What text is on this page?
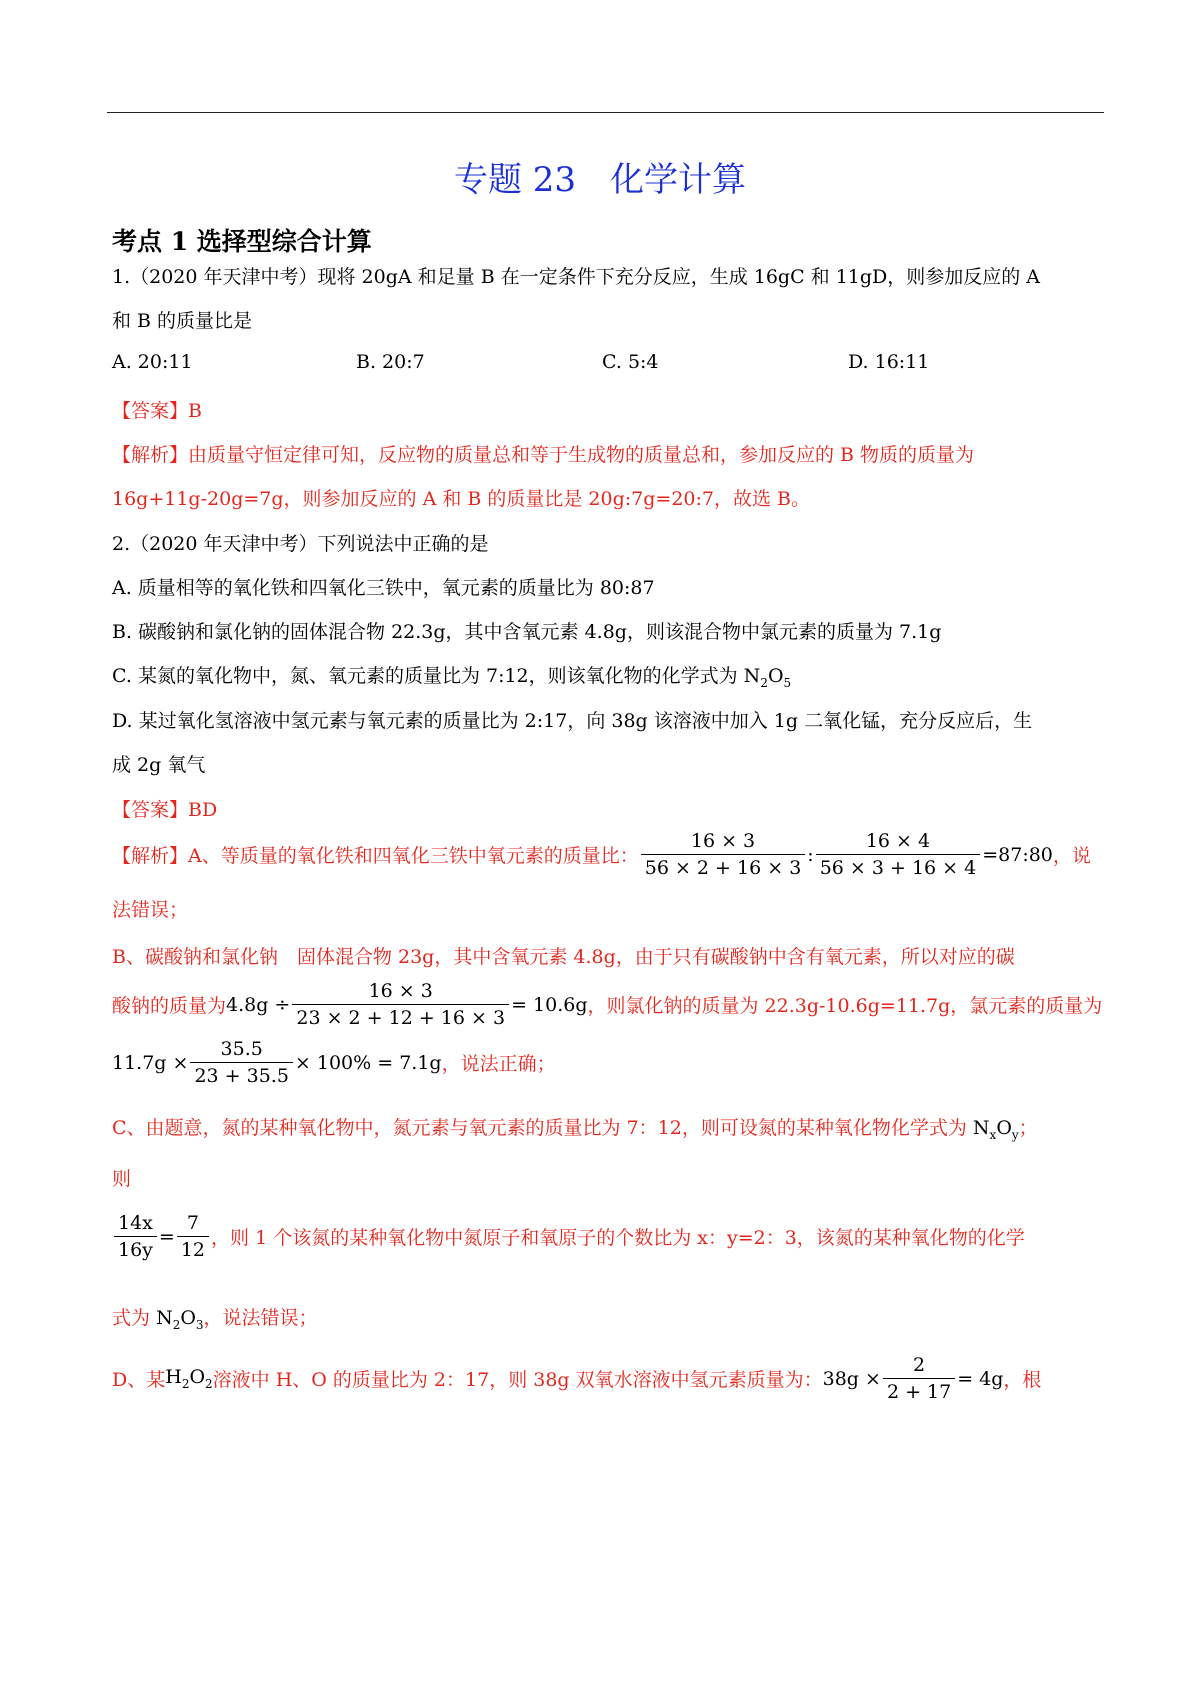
专题 23　化学计算
考点 1 选择型综合计算
1.（2020 年天津中考）现将 20gA 和足量 B 在一定条件下充分反应，生成 16gC 和 11gD，则参加反应的 A
和 B 的质量比是
A. 20:11	B. 20:7	C. 5:4	D. 16:11
【答案】B
【解析】由质量守恒定律可知，反应物的质量总和等于生成物的质量总和，参加反应的 B 物质的质量为
16g+11g-20g=7g，则参加反应的 A 和 B 的质量比是 20g:7g=20:7，故选 B。
2.（2020 年天津中考）下列说法中正确的是
A. 质量相等的氧化铁和四氧化三铁中，氧元素的质量比为 80:87
B. 碳酸钠和氯化钠的固体混合物 22.3g，其中含氧元素 4.8g，则该混合物中氯元素的质量为 7.1g
C. 某氮的氧化物中，氮、氧元素的质量比为 7:12，则该氧化物的化学式为 $N_2O_5$
D. 某过氧化氢溶液中氢元素与氧元素的质量比为 2:17，向 38g 该溶液中加入 1g 二氧化锰，充分反应后，生
成 2g 氧气
【答案】BD
【解析】 A、等质量的氧化铁和四氧化三铁中氧元素的质量比： $\frac{16 \times 3}{56 \times 2 + 16 \times 3}$ : $\frac{16 \times 4}{56 \times 3 + 16 \times 4}$ =87:80 ，说
法错误；
B、碳酸钠和氯化钠　固体混合物 23g，其中含氧元素 4.8g，由于只有碳酸钠中含有氧元素，所以对应的碳
酸钠的质量为 $4.8g \div \frac{16 \times 3}{23 \times 2 + 12 + 16 \times 3} = 10.6g$ ，则氯化钠的质量为 22.3g-10.6g=11.7g，氯元素的质量为
$11.7g \times \frac{35.5}{23 + 35.5} \times 100\% = 7.1g$ ，说法正确；
C、由题意，氮的某种氧化物中，氮元素与氧元素的质量比为 7：12，则可设氮的某种氧化物化学式为 $N_xO_y$；
则
$\frac{14x}{16y} = \frac{7}{12}$ ，则 1 个该氮的某种氧化物中氮原子和氧原子的个数比为 x：y=2：3，该氮的某种氧化物的化学
式为 $N_2O_3$，说法错误；
D、某 $H_2O_2$ 溶液中 H、O 的质量比为 2：17，则 38g 双氧水溶液中氢元素质量为： $38g \times \frac{2}{2 + 17} = 4g$ ，根
